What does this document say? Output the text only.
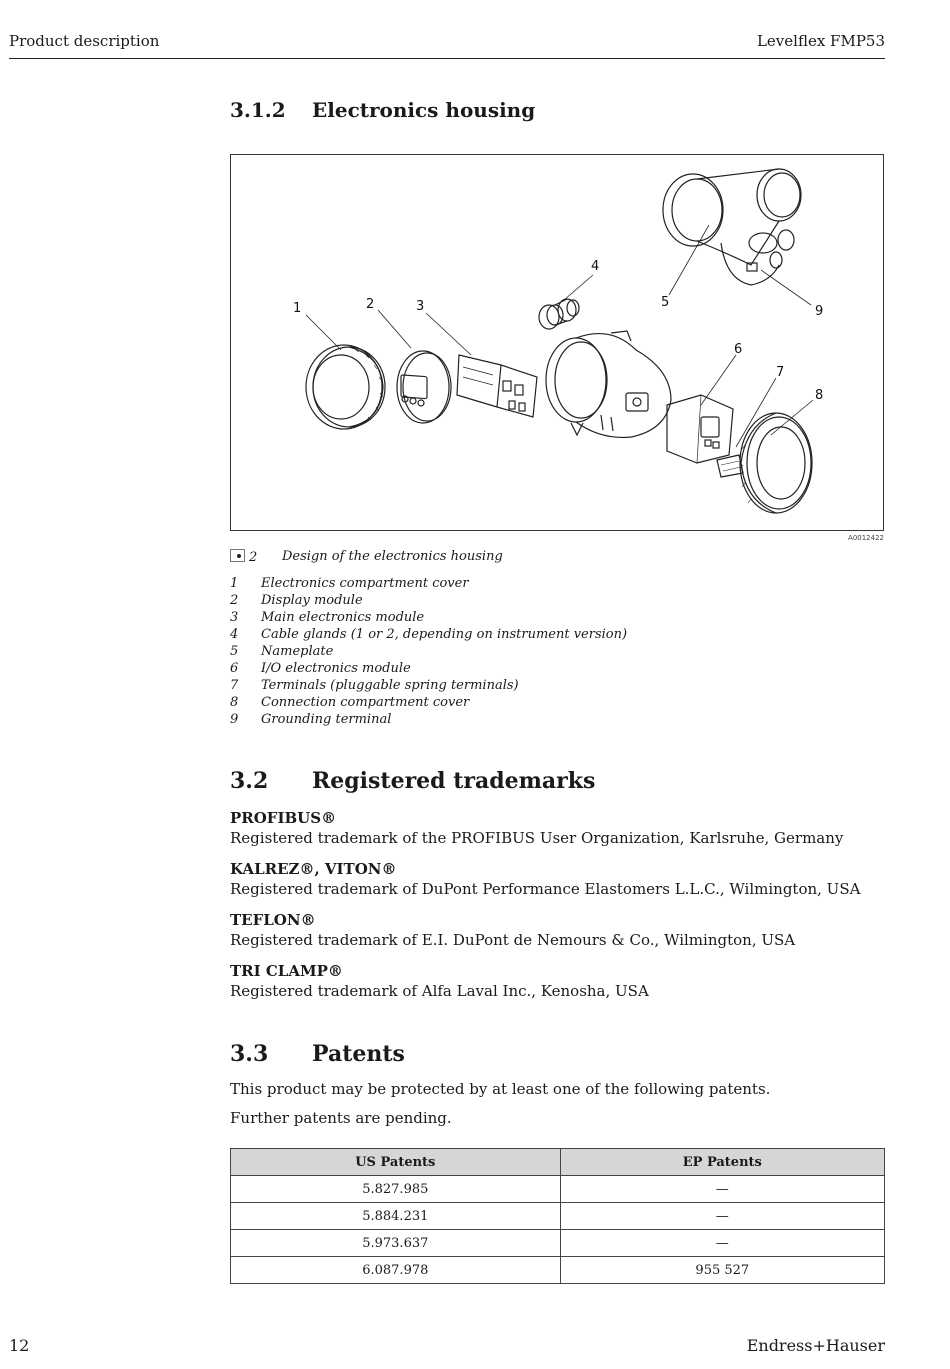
Product description	Levelflex FMP53
3.1.2 Electronics housing
1	2	3
4
5
6
7
8
9
A0012422
2 Design of the electronics housing
1 Electronics compartment cover
2 Display module
3 Main electronics module
4 Cable glands (1 or 2, depending on instrument version)
5 Nameplate
6 I/O electronics module
7 Terminals (pluggable spring terminals)
8 Connection compartment cover
9 Grounding terminal
3.2 Registered trademarks
PROFIBUS®
Registered trademark of the PROFIBUS User Organization, Karlsruhe, Germany
KALREZ®, VITON®
Registered trademark of DuPont Performance Elastomers L.L.C., Wilmington, USA
TEFLON®
Registered trademark of E.I. DuPont de Nemours & Co., Wilmington, USA
TRI CLAMP®
Registered trademark of Alfa Laval Inc., Kenosha, USA
3.3 Patents
This product may be protected by at least one of the following patents.
Further patents are pending.
US Patents	EP Patents
5.827.985	—
5.884.231	—
5.973.637	—
6.087.978	955 527
12	Endress+Hauser
